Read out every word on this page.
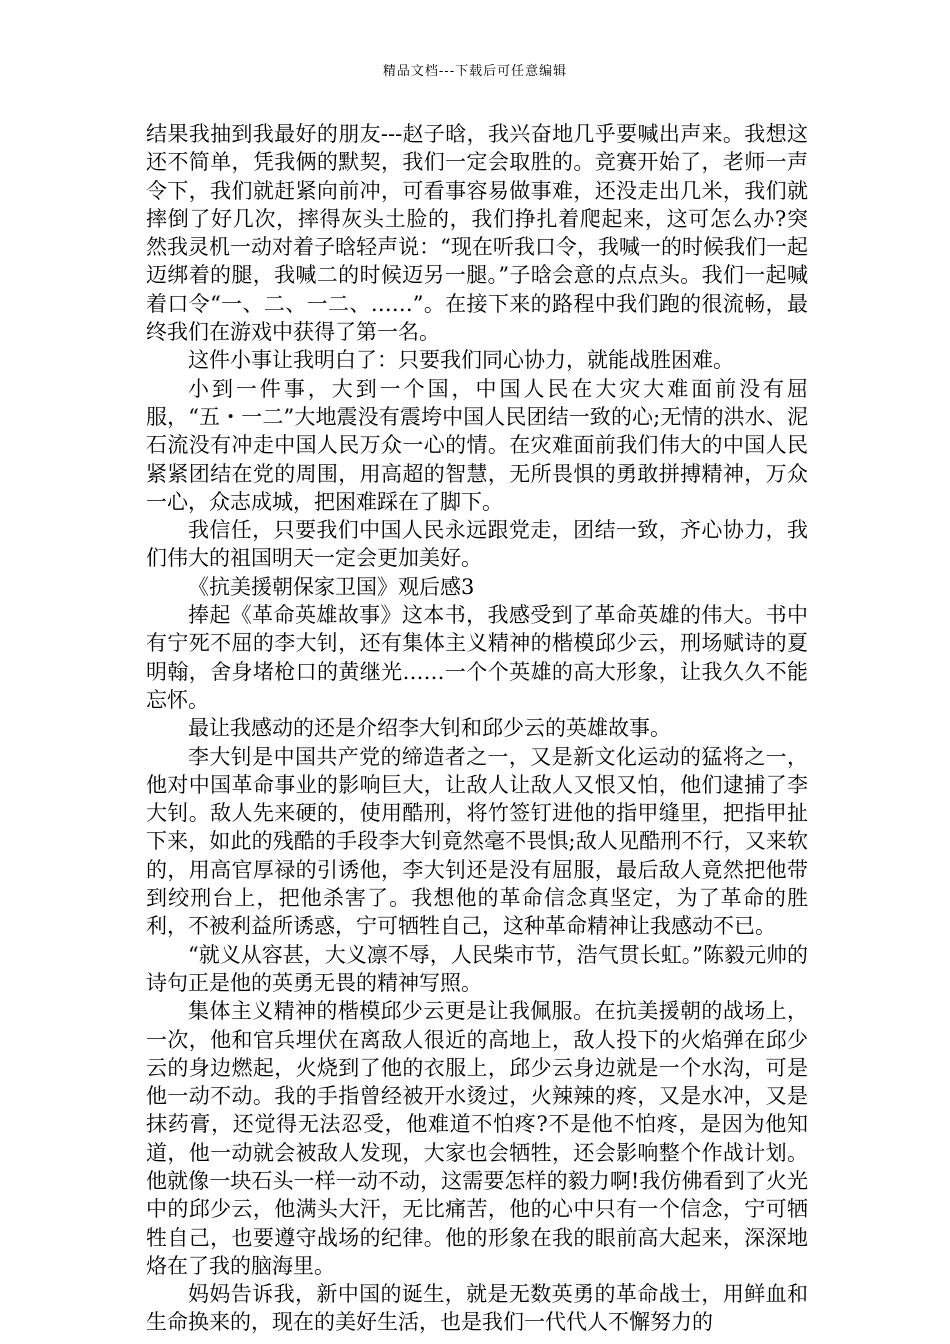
精品文档---下载后可任意编辑

结果我抽到我最好的朋友---赵子晗，我兴奋地几乎要喊出声来。我想这还不简单，凭我俩的默契，我们一定会取胜的。竞赛开始了，老师一声令下，我们就赶紧向前冲，可看事容易做事难，还没走出几米，我们就摔倒了好几次，摔得灰头土脸的，我们挣扎着爬起来，这可怎么办?突然我灵机一动对着子晗轻声说：“现在听我口令，我喊一的时候我们一起迈绑着的腿，我喊二的时候迈另一腿。”子晗会意的点点头。我们一起喊着口令“一、二、一二、……”。在接下来的路程中我们跑的很流畅，最终我们在游戏中获得了第一名。

这件小事让我明白了：只要我们同心协力，就能战胜困难。

小到一件事，大到一个国，中国人民在大灾大难面前没有屈服，“五・一二”大地震没有震垮中国人民团结一致的心;无情的洪水、泥石流没有冲走中国人民万众一心的情。在灾难面前我们伟大的中国人民紧紧团结在党的周围，用高超的智慧，无所畏惧的勇敢拼搏精神，万众一心，众志成城，把困难踩在了脚下。

我信任，只要我们中国人民永远跟党走，团结一致，齐心协力，我们伟大的祖国明天一定会更加美好。

《抗美援朝保家卫国》观后感3

捧起《革命英雄故事》这本书，我感受到了革命英雄的伟大。书中有宁死不屈的李大钊，还有集体主义精神的楷模邱少云，刑场赋诗的夏明翰，舍身堵枪口的黄继光……一个个英雄的高大形象，让我久久不能忘怀。

最让我感动的还是介绍李大钊和邱少云的英雄故事。

李大钊是中国共产党的缔造者之一，又是新文化运动的猛将之一，他对中国革命事业的影响巨大，让敌人让敌人又恨又怕，他们逮捕了李大钊。敌人先来硬的，使用酷刑，将竹签钉进他的指甲缝里，把指甲扯下来，如此的残酷的手段李大钊竟然毫不畏惧;敌人见酷刑不行，又来软的，用高官厚禄的引诱他，李大钊还是没有屈服，最后敌人竟然把他带到绞刑台上，把他杀害了。我想他的革命信念真坚定，为了革命的胜利，不被利益所诱惑，宁可牺牲自己，这种革命精神让我感动不已。

“就义从容甚，大义凛不辱，人民柴市节，浩气贯长虹。”陈毅元帅的诗句正是他的英勇无畏的精神写照。

集体主义精神的楷模邱少云更是让我佩服。在抗美援朝的战场上，一次，他和官兵埋伏在离敌人很近的高地上，敌人投下的火焰弹在邱少云的身边燃起，火烧到了他的衣服上，邱少云身边就是一个水沟，可是他一动不动。我的手指曾经被开水烫过，火辣辣的疼，又是水冲，又是抹药膏，还觉得无法忍受，他难道不怕疼?不是他不怕疼，是因为他知道，他一动就会被敌人发现，大家也会牺牲，还会影响整个作战计划。他就像一块石头一样一动不动，这需要怎样的毅力啊!我仿佛看到了火光中的邱少云，他满头大汗，无比痛苦，他的心中只有一个信念，宁可牺牲自己，也要遵守战场的纪律。他的形象在我的眼前高大起来，深深地烙在了我的脑海里。

妈妈告诉我，新中国的诞生，就是无数英勇的革命战士，用鲜血和生命换来的，现在的美好生活，也是我们一代代人不懈努力的
